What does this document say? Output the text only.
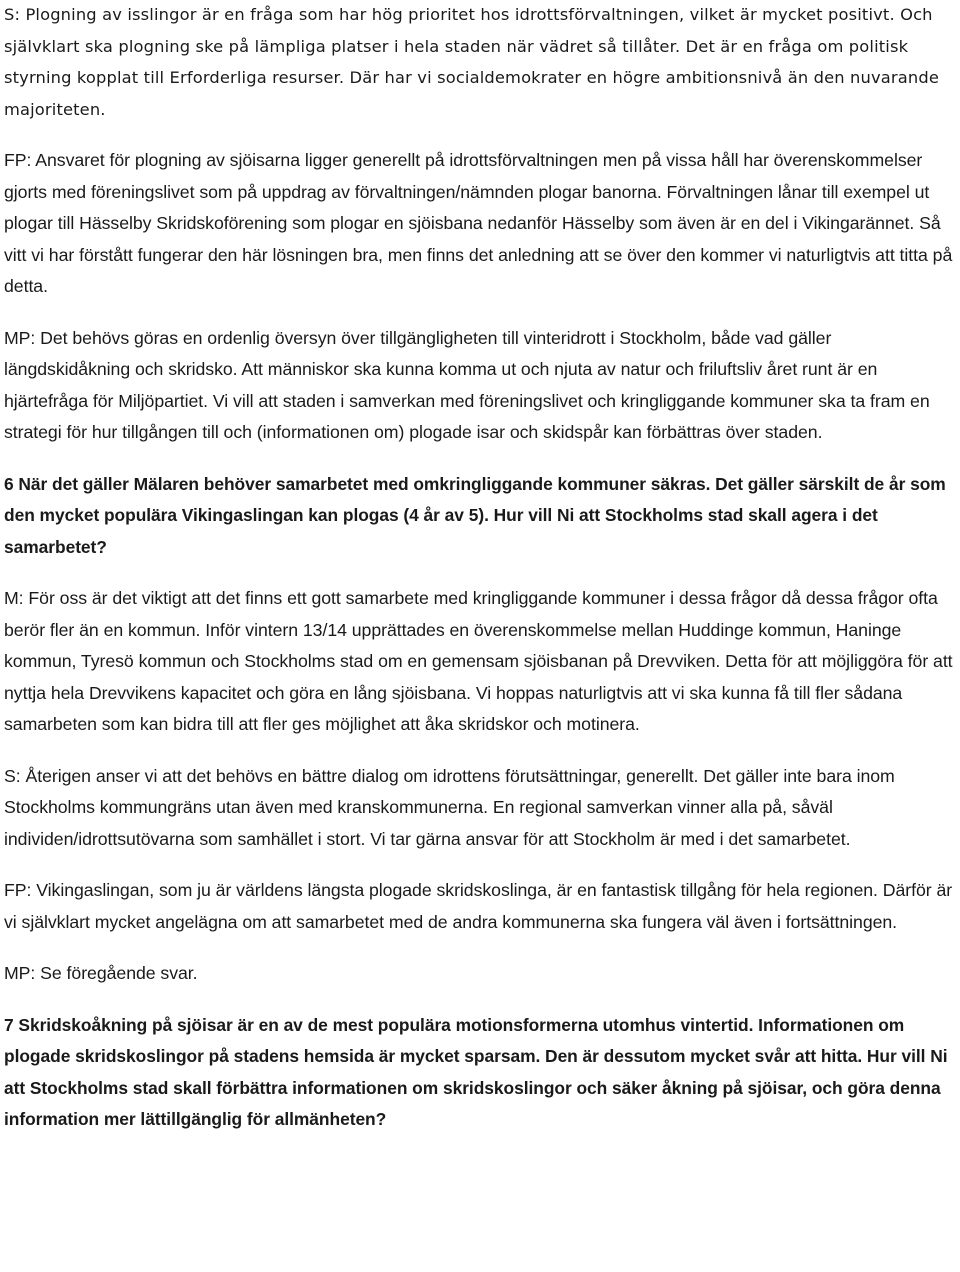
S: Plogning av isslingor är en fråga som har hög prioritet hos idrottsförvaltningen, vilket är mycket positivt. Och självklart ska plogning ske på lämpliga platser i hela staden när vädret så tillåter. Det är en fråga om politisk styrning kopplat till Erforderliga resurser. Där har vi socialdemokrater en högre ambitionsnivå än den nuvarande majoriteten.

FP: Ansvaret för plogning av sjöisarna ligger generellt på idrottsförvaltningen men på vissa håll har överenskommelser gjorts med föreningslivet som på uppdrag av förvaltningen/nämnden plogar banorna. Förvaltningen lånar till exempel ut plogar till Hässelby Skridskoförening som plogar en sjöisbana nedanför Hässelby som även är en del i Vikingarännet. Så vitt vi har förstått fungerar den här lösningen bra, men finns det anledning att se över den kommer vi naturligtvis att titta på detta.

MP: Det behövs göras en ordenlig översyn över tillgängligheten till vinteridrott i Stockholm, både vad gäller längdskidåkning och skridsko. Att människor ska kunna komma ut och njuta av natur och friluftsliv året runt är en hjärtefråga för Miljöpartiet. Vi vill att staden i samverkan med föreningslivet och kringliggande kommuner ska ta fram en strategi för hur tillgången till och (informationen om) plogade isar och skidspår kan förbättras över staden.

6 När det gäller Mälaren behöver samarbetet med omkringliggande kommuner säkras. Det gäller särskilt de år som den mycket populära Vikingaslingan kan plogas (4 år av 5). Hur vill Ni att Stockholms stad skall agera i det samarbetet?

M: För oss är det viktigt att det finns ett gott samarbete med kringliggande kommuner i dessa frågor då dessa frågor ofta berör fler än en kommun. Inför vintern 13/14 upprättades en överenskommelse mellan Huddinge kommun, Haninge kommun, Tyresö kommun och Stockholms stad om en gemensam sjöisbanan på Drevviken. Detta för att möjliggöra för att nyttja hela Drevvikens kapacitet och göra en lång sjöisbana. Vi hoppas naturligtvis att vi ska kunna få till fler sådana samarbeten som kan bidra till att fler ges möjlighet att åka skridskor och motinera.

S: Återigen anser vi att det behövs en bättre dialog om idrottens förutsättningar, generellt. Det gäller inte bara inom Stockholms kommungräns utan även med kranskommunerna. En regional samverkan vinner alla på, såväl individen/idrottsutövarna som samhället i stort. Vi tar gärna ansvar för att Stockholm är med i det samarbetet.

FP: Vikingaslingan, som ju är världens längsta plogade skridskoslinga, är en fantastisk tillgång för hela regionen. Därför är vi självklart mycket angelägna om att samarbetet med de andra kommunerna ska fungera väl även i fortsättningen.

MP: Se föregående svar.

7 Skridskoåkning på sjöisar är en av de mest populära motionsformerna utomhus vintertid. Informationen om plogade skridskoslingor på stadens hemsida är mycket sparsam. Den är dessutom mycket svår att hitta. Hur vill Ni att Stockholms stad skall förbättra informationen om skridskoslingor och säker åkning på sjöisar, och göra denna information mer lättillgänglig för allmänheten?
